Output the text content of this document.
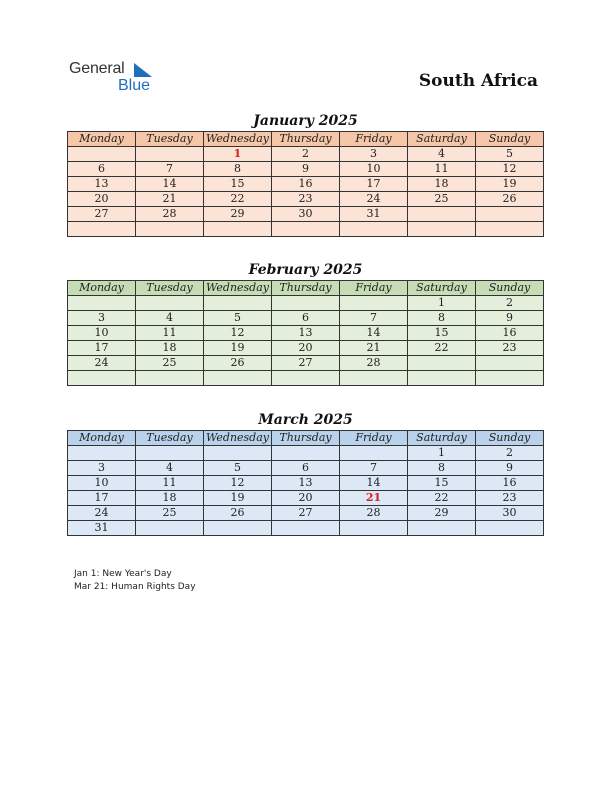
General
Blue	South Africa
January 2025
Monday	Tuesday	Wednesday	Thursday	Friday	Saturday	Sunday
		1	2	3	4	5
6	7	8	9	10	11	12
13	14	15	16	17	18	19
20	21	22	23	24	25	26
27	28	29	30	31		

February 2025
Monday	Tuesday	Wednesday	Thursday	Friday	Saturday	Sunday
					1	2
3	4	5	6	7	8	9
10	11	12	13	14	15	16
17	18	19	20	21	22	23
24	25	26	27	28		

March 2025
Monday	Tuesday	Wednesday	Thursday	Friday	Saturday	Sunday
					1	2
3	4	5	6	7	8	9
10	11	12	13	14	15	16
17	18	19	20	21	22	23
24	25	26	27	28	29	30
31						
Jan 1: New Year's Day
Mar 21: Human Rights Day
